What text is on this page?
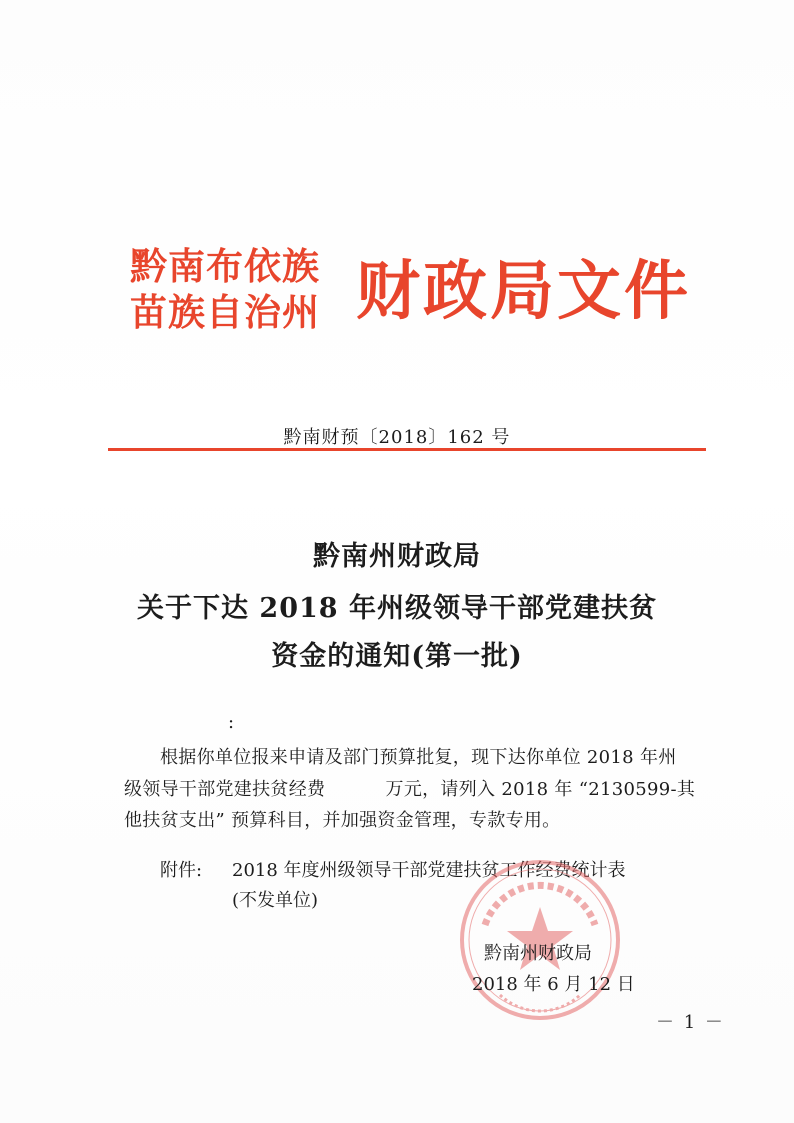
黔南布依族
苗族自治州 财政局文件
黔南财预〔2018〕162 号
黔南州财政局
关于下达 2018 年州级领导干部党建扶贫
资金的通知(第一批)
:
根据你单位报来申请及部门预算批复，现下达你单位 2018 年州
级领导干部党建扶贫经费          万元，请列入 2018 年 “2130599-其
他扶贫支出” 预算科目，并加强资金管理，专款专用。
附件: 2018 年度州级领导干部党建扶贫工作经费统计表
(不发单位)
黔南州财政局
2018 年 6 月 12 日
－ 1 －
